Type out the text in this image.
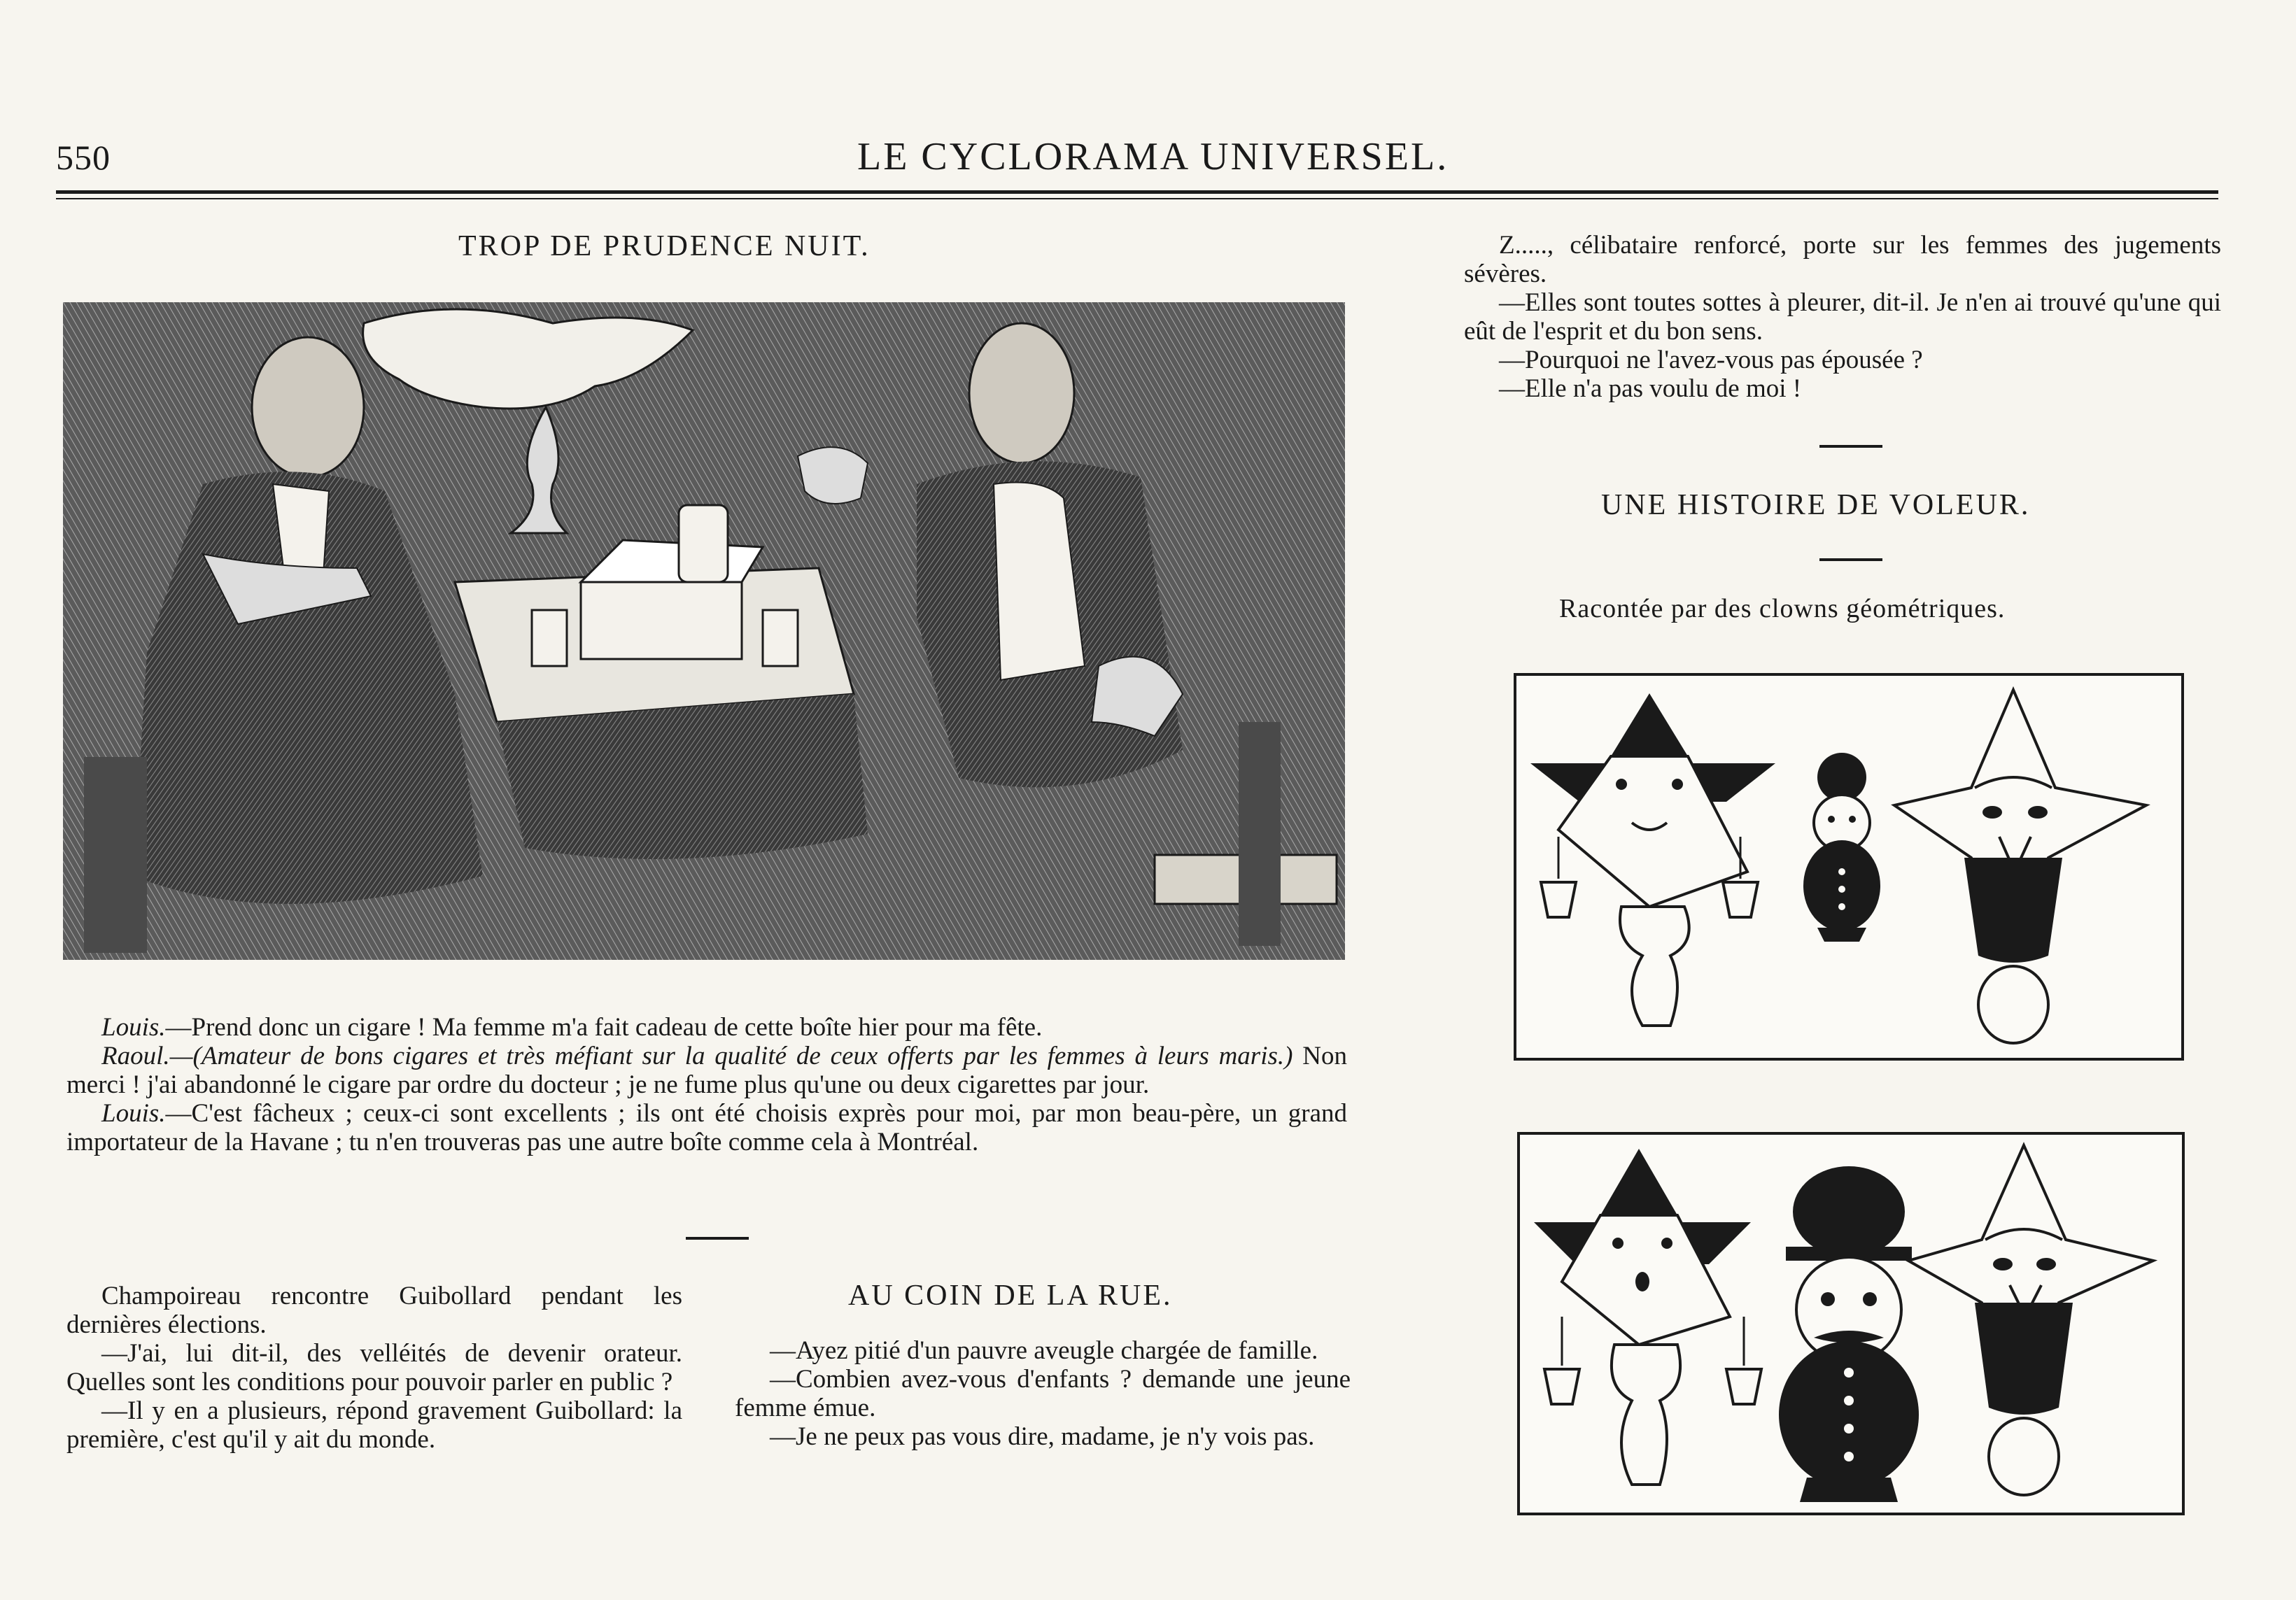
550	LE CYCLORAMA UNIVERSEL.
TROP DE PRUDENCE NUIT.

Louis.—Prend donc un cigare ! Ma femme m'a fait cadeau de cette boîte hier pour ma fête.

Raoul.—(Amateur de bons cigares et très méfiant sur la qualité de ceux offerts par les femmes à leurs maris.) Non merci ! j'ai abandonné le cigare par ordre du docteur ; je ne fume plus qu'une ou deux cigarettes par jour.

Louis.—C'est fâcheux ; ceux-ci sont excellents ; ils ont été choisis exprès pour moi, par mon beau-père, un grand importateur de la Havane ; tu n'en trouveras pas une autre boîte comme cela à Montréal.

Champoireau rencontre Guibollard pendant les dernières élections.

—J'ai, lui dit-il, des velléités de devenir orateur. Quelles sont les conditions pour pouvoir parler en public ?

—Il y en a plusieurs, répond gravement Guibollard: la première, c'est qu'il y ait du monde.

AU COIN DE LA RUE.

—Ayez pitié d'un pauvre aveugle chargée de famille.

—Combien avez-vous d'enfants ? demande une jeune femme émue.

—Je ne peux pas vous dire, madame, je n'y vois pas.

Z....., célibataire renforcé, porte sur les femmes des jugements sévères.

—Elles sont toutes sottes à pleurer, dit-il. Je n'en ai trouvé qu'une qui eût de l'esprit et du bon sens.

—Pourquoi ne l'avez-vous pas épousée ?

—Elle n'a pas voulu de moi !

UNE HISTOIRE DE VOLEUR.
Racontée par des clowns géométriques.
